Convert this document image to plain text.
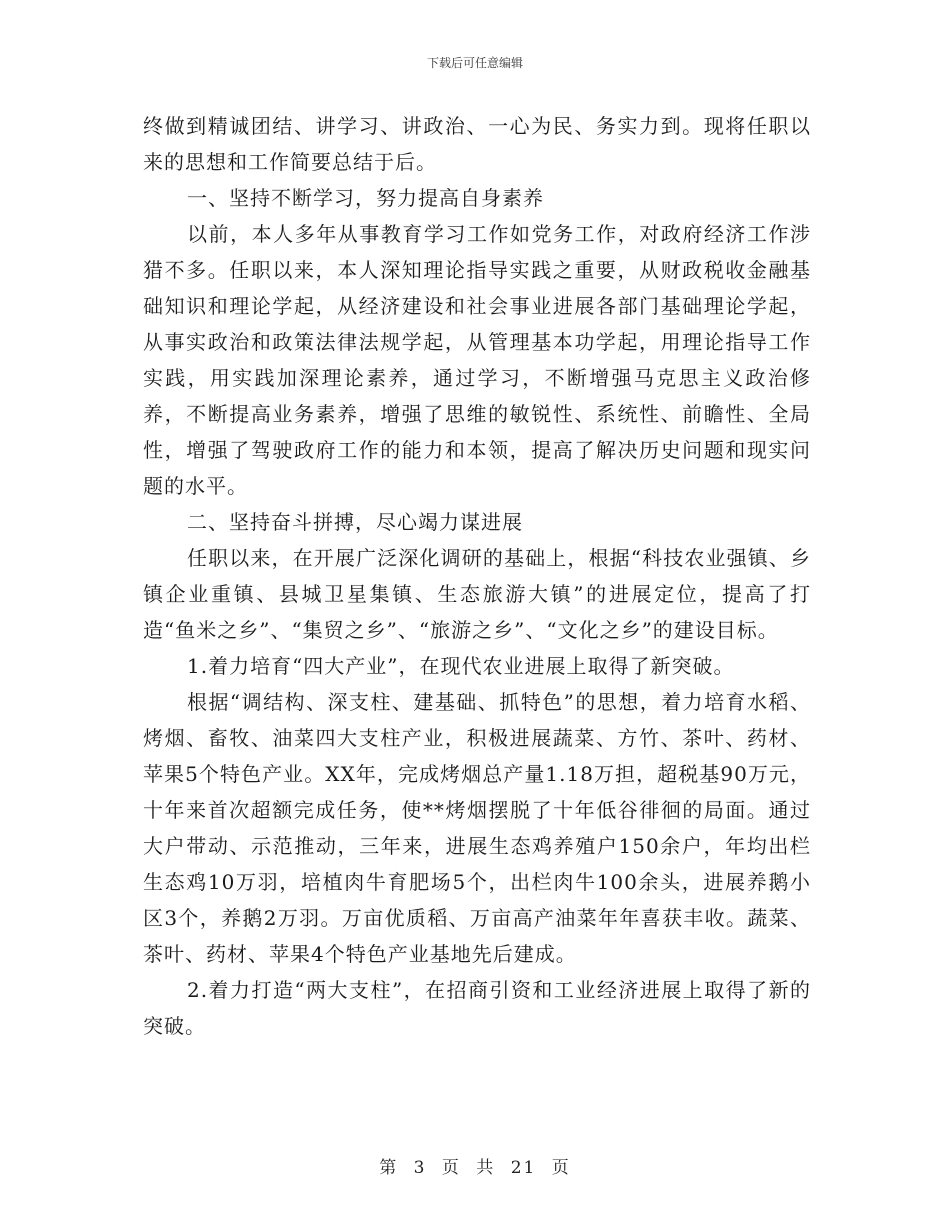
下载后可任意编辑

终做到精诚团结、讲学习、讲政治、一心为民、务实力到。现将任职以来的思想和工作简要总结于后。

一、坚持不断学习，努力提高自身素养

以前，本人多年从事教育学习工作如党务工作，对政府经济工作涉猎不多。任职以来，本人深知理论指导实践之重要，从财政税收金融基础知识和理论学起，从经济建设和社会事业进展各部门基础理论学起，从事实政治和政策法律法规学起，从管理基本功学起，用理论指导工作实践，用实践加深理论素养，通过学习，不断增强马克思主义政治修养，不断提高业务素养，增强了思维的敏锐性、系统性、前瞻性、全局性，增强了驾驶政府工作的能力和本领，提高了解决历史问题和现实问题的水平。

二、坚持奋斗拼搏，尽心竭力谋进展

任职以来，在开展广泛深化调研的基础上，根据“科技农业强镇、乡镇企业重镇、县城卫星集镇、生态旅游大镇”的进展定位，提高了打造“鱼米之乡”、“集贸之乡”、“旅游之乡”、“文化之乡”的建设目标。

1.着力培育“四大产业”，在现代农业进展上取得了新突破。

根据“调结构、深支柱、建基础、抓特色”的思想，着力培育水稻、烤烟、畜牧、油菜四大支柱产业，积极进展蔬菜、方竹、茶叶、药材、苹果5个特色产业。XX年，完成烤烟总产量1.18万担，超税基90万元，十年来首次超额完成任务，使**烤烟摆脱了十年低谷徘徊的局面。通过大户带动、示范推动，三年来，进展生态鸡养殖户150余户，年均出栏生态鸡10万羽，培植肉牛育肥场5个，出栏肉牛100余头，进展养鹅小区3个，养鹅2万羽。万亩优质稻、万亩高产油菜年年喜获丰收。蔬菜、茶叶、药材、苹果4个特色产业基地先后建成。

2.着力打造“两大支柱”，在招商引资和工业经济进展上取得了新的突破。

第 3 页 共 21 页
